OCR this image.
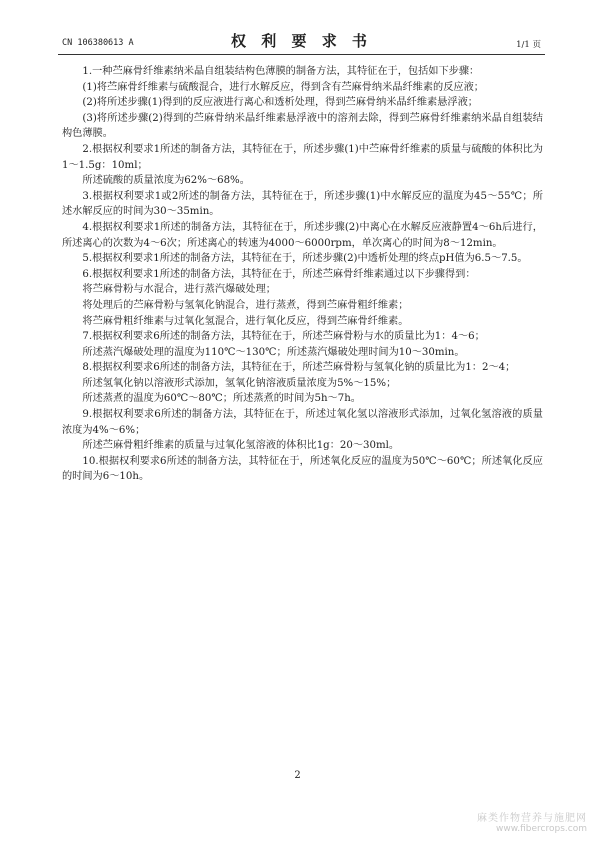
CN 106380613 A	权 利 要 求 书	1/1 页

1.一种苎麻骨纤维素纳米晶自组装结构色薄膜的制备方法，其特征在于，包括如下步骤：

(1)将苎麻骨纤维素与硫酸混合，进行水解反应，得到含有苎麻骨纳米晶纤维素的反应液；

(2)将所述步骤(1)得到的反应液进行离心和透析处理，得到苎麻骨纳米晶纤维素悬浮液；

(3)将所述步骤(2)得到的苎麻骨纳米晶纤维素悬浮液中的溶剂去除，得到苎麻骨纤维素纳米晶自组装结构色薄膜。

2.根据权利要求1所述的制备方法，其特征在于，所述步骤(1)中苎麻骨纤维素的质量与硫酸的体积比为1～1.5g：10ml；

所述硫酸的质量浓度为62%～68%。

3.根据权利要求1或2所述的制备方法，其特征在于，所述步骤(1)中水解反应的温度为45～55℃；所述水解反应的时间为30～35min。

4.根据权利要求1所述的制备方法，其特征在于，所述步骤(2)中离心在水解反应液静置4～6h后进行，所述离心的次数为4～6次；所述离心的转速为4000～6000rpm，单次离心的时间为8～12min。

5.根据权利要求1所述的制备方法，其特征在于，所述步骤(2)中透析处理的终点pH值为6.5～7.5。

6.根据权利要求1所述的制备方法，其特征在于，所述苎麻骨纤维素通过以下步骤得到：

将苎麻骨粉与水混合，进行蒸汽爆破处理；

将处理后的苎麻骨粉与氢氧化钠混合，进行蒸煮，得到苎麻骨粗纤维素；

将苎麻骨粗纤维素与过氧化氢混合，进行氧化反应，得到苎麻骨纤维素。

7.根据权利要求6所述的制备方法，其特征在于，所述苎麻骨粉与水的质量比为1：4～6；

所述蒸汽爆破处理的温度为110℃～130℃；所述蒸汽爆破处理时间为10～30min。

8.根据权利要求6所述的制备方法，其特征在于，所述苎麻骨粉与氢氧化钠的质量比为1：2～4；

所述氢氧化钠以溶液形式添加，氢氧化钠溶液质量浓度为5%～15%；

所述蒸煮的温度为60℃～80℃；所述蒸煮的时间为5h～7h。

9.根据权利要求6所述的制备方法，其特征在于，所述过氧化氢以溶液形式添加，过氧化氢溶液的质量浓度为4%～6%；

所述苎麻骨粗纤维素的质量与过氧化氢溶液的体积比1g：20～30ml。

10.根据权利要求6所述的制备方法，其特征在于，所述氧化反应的温度为50℃～60℃；所述氧化反应的时间为6～10h。

2
麻类作物营养与施肥网
www.fibercrops.com
